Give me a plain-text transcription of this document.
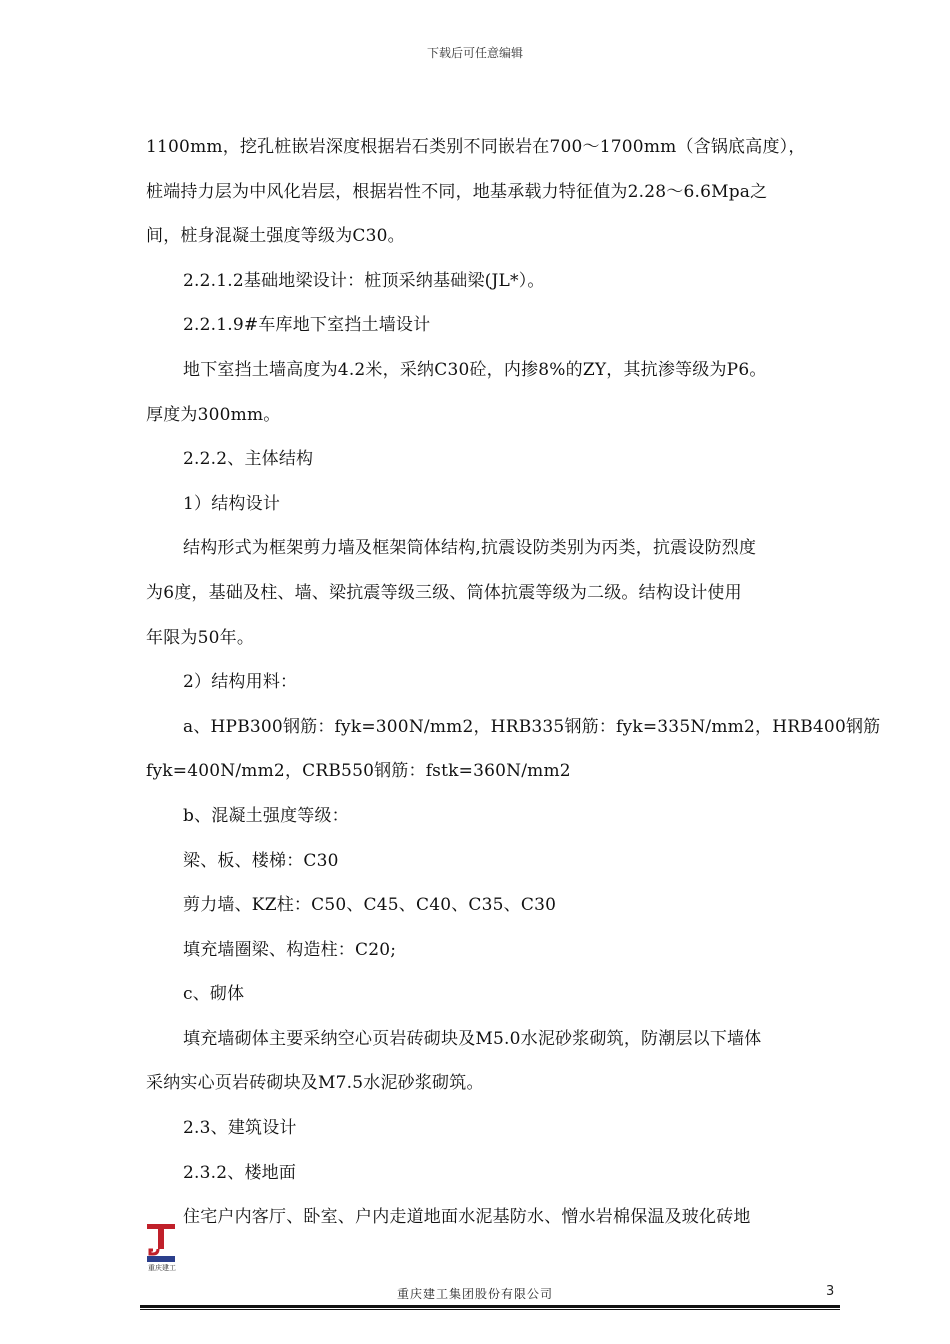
下载后可任意编辑

1100mm，挖孔桩嵌岩深度根据岩石类别不同嵌岩在700～1700mm（含锅底高度），

桩端持力层为中风化岩层，根据岩性不同，地基承载力特征值为2.28～6.6Mpa之

间，桩身混凝土强度等级为C30。

2.2.1.2基础地梁设计：桩顶采纳基础梁(JL*）。

2.2.1.9#车库地下室挡土墙设计

地下室挡土墙高度为4.2米，采纳C30砼，内掺8%的ZY，其抗渗等级为P6。

厚度为300mm。

2.2.2、主体结构

1）结构设计

结构形式为框架剪力墙及框架筒体结构,抗震设防类别为丙类，抗震设防烈度

为6度，基础及柱、墙、梁抗震等级三级、筒体抗震等级为二级。结构设计使用

年限为50年。

2）结构用料：

a、HPB300钢筋：fyk=300N/mm2，HRB335钢筋：fyk=335N/mm2，HRB400钢筋

fyk=400N/mm2，CRB550钢筋：fstk=360N/mm2

b、混凝土强度等级：

梁、板、楼梯：C30

剪力墙、KZ柱：C50、C45、C40、C35、C30

填充墙圈梁、构造柱：C20;

c、砌体

填充墙砌体主要采纳空心页岩砖砌块及M5.0水泥砂浆砌筑，防潮层以下墙体

采纳实心页岩砖砌块及M7.5水泥砂浆砌筑。

2.3、建筑设计

2.3.2、楼地面

住宅户内客厅、卧室、户内走道地面水泥基防水、憎水岩棉保温及玻化砖地

重庆建工
重庆建工集团股份有限公司	3
